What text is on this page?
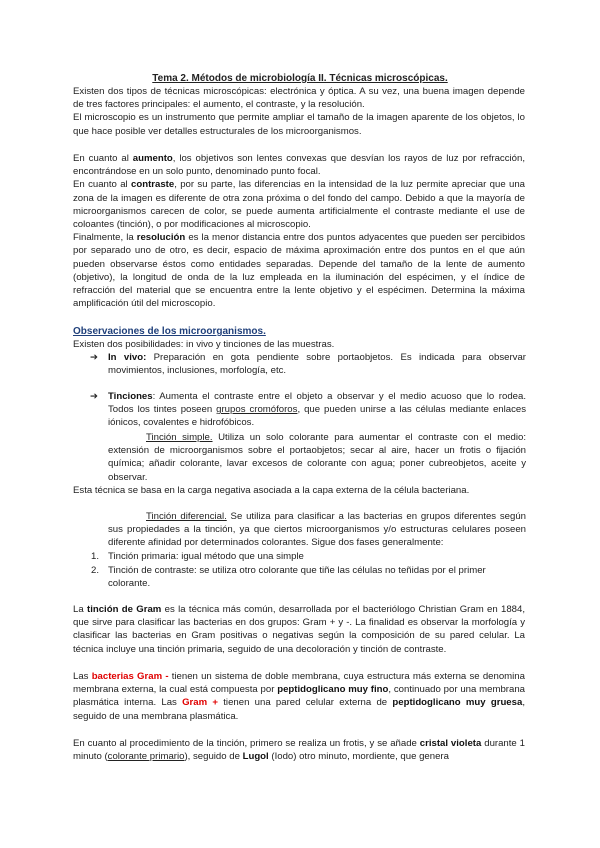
Tema 2. Métodos de microbiología II. Técnicas microscópicas.

Existen dos tipos de técnicas microscópicas: electrónica y óptica. A su vez, una buena imagen depende de tres factores principales: el aumento, el contraste, y la resolución.

El microscopio es un instrumento que permite ampliar el tamaño de la imagen aparente de los objetos, lo que hace posible ver detalles estructurales de los microorganismos.

En cuanto al aumento, los objetivos son lentes convexas que desvían los rayos de luz por refracción, encontrándose en un solo punto, denominado punto focal.

En cuanto al contraste, por su parte, las diferencias en la intensidad de la luz permite apreciar que una zona de la imagen es diferente de otra zona próxima o del fondo del campo. Debido a que la mayoría de microorganismos carecen de color, se puede aumenta artificialmente el contraste mediante el use de coloantes (tinción), o por modificaciones al microscopio.

Finalmente, la resolución es la menor distancia entre dos puntos adyacentes que pueden ser percibidos por separado uno de otro, es decir, espacio de máxima aproximación entre dos puntos en el que aún pueden observarse éstos como entidades separadas. Depende del tamaño de la lente de aumento (objetivo), la longitud de onda de la luz empleada en la iluminación del espécimen, y el índice de refracción del material que se encuentra entre la lente objetivo y el espécimen. Determina la máxima amplificación útil del microscopio.

Observaciones de los microorganismos.
Existen dos posibilidades: in vivo y tinciones de las muestras.
➔ In vivo: Preparación en gota pendiente sobre portaobjetos. Es indicada para observar movimientos, inclusiones, morfología, etc.
➔ Tinciones: Aumenta el contraste entre el objeto a observar y el medio acuoso que lo rodea. Todos los tintes poseen grupos cromóforos, que pueden unirse a las células mediante enlaces iónicos, covalentes e hidrofóbicos.
Tinción simple. Utiliza un solo colorante para aumentar el contraste con el medio: extensión de microorganismos sobre el portaobjetos; secar al aire, hacer un frotis o fijación química; añadir colorante, lavar excesos de colorante con agua; poner cubreobjetos, aceite y observar.
Esta técnica se basa en la carga negativa asociada a la capa externa de la célula bacteriana.
Tinción diferencial. Se utiliza para clasificar a las bacterias en grupos diferentes según sus propiedades a la tinción, ya que ciertos microorganismos y/o estructuras celulares poseen diferente afinidad por determinados colorantes. Sigue dos fases generalmente:
1. Tinción primaria: igual método que una simple
2. Tinción de contraste: se utiliza otro colorante que tiñe las células no teñidas por el primer colorante.
La tinción de Gram es la técnica más común, desarrollada por el bacteriólogo Christian Gram en 1884, que sirve para clasificar las bacterias en dos grupos: Gram + y -. La finalidad es observar la morfología y clasificar las bacterias en Gram positivas o negativas según la composición de su pared celular. La técnica incluye una tinción primaria, seguido de una decoloración y tinción de contraste.
Las bacterias Gram - tienen un sistema de doble membrana, cuya estructura más externa se denomina membrana externa, la cual está compuesta por peptidoglicano muy fino, continuado por una membrana plasmática interna. Las Gram + tienen una pared celular externa de peptidoglicano muy gruesa, seguido de una membrana plasmática.
En cuanto al procedimiento de la tinción, primero se realiza un frotis, y se añade cristal violeta durante 1 minuto (colorante primario), seguido de Lugol (Iodo) otro minuto, mordiente, que genera
